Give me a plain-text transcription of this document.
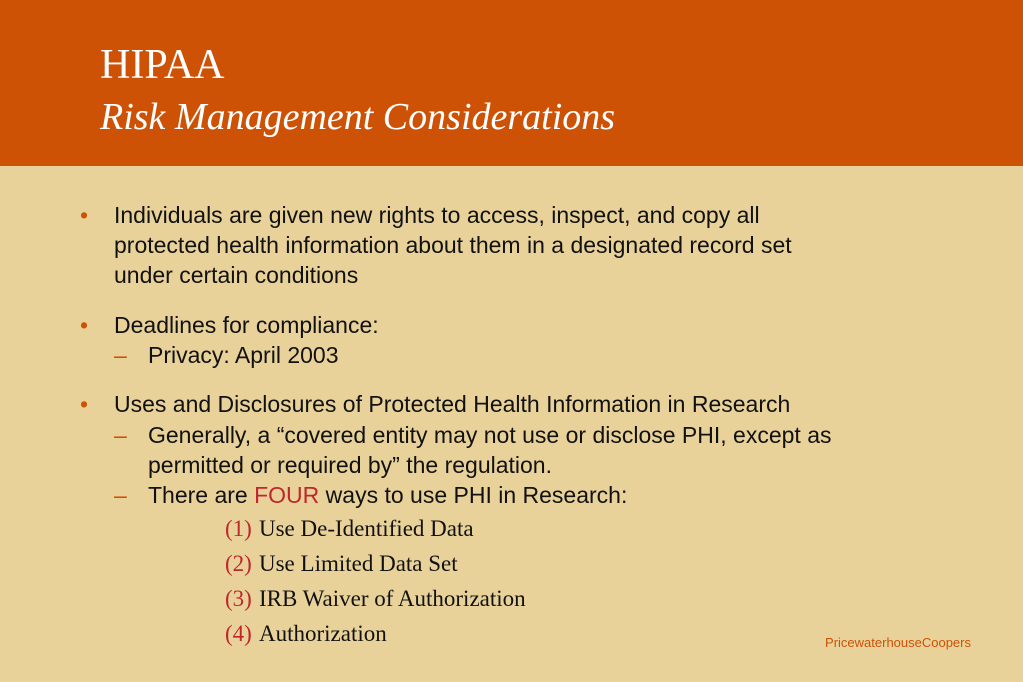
HIPAA
Risk Management Considerations
• Individuals are given new rights to access, inspect, and copy all
protected health information about them in a designated record set
under certain conditions
• Deadlines for compliance:
– Privacy: April 2003
• Uses and Disclosures of Protected Health Information in Research
– Generally, a “covered entity may not use or disclose PHI, except as
permitted or required by” the regulation.
– There are FOUR ways to use PHI in Research:
(1) Use De-Identified Data
(2) Use Limited Data Set
(3) IRB Waiver of Authorization
(4) Authorization	PricewaterhouseCoopers
